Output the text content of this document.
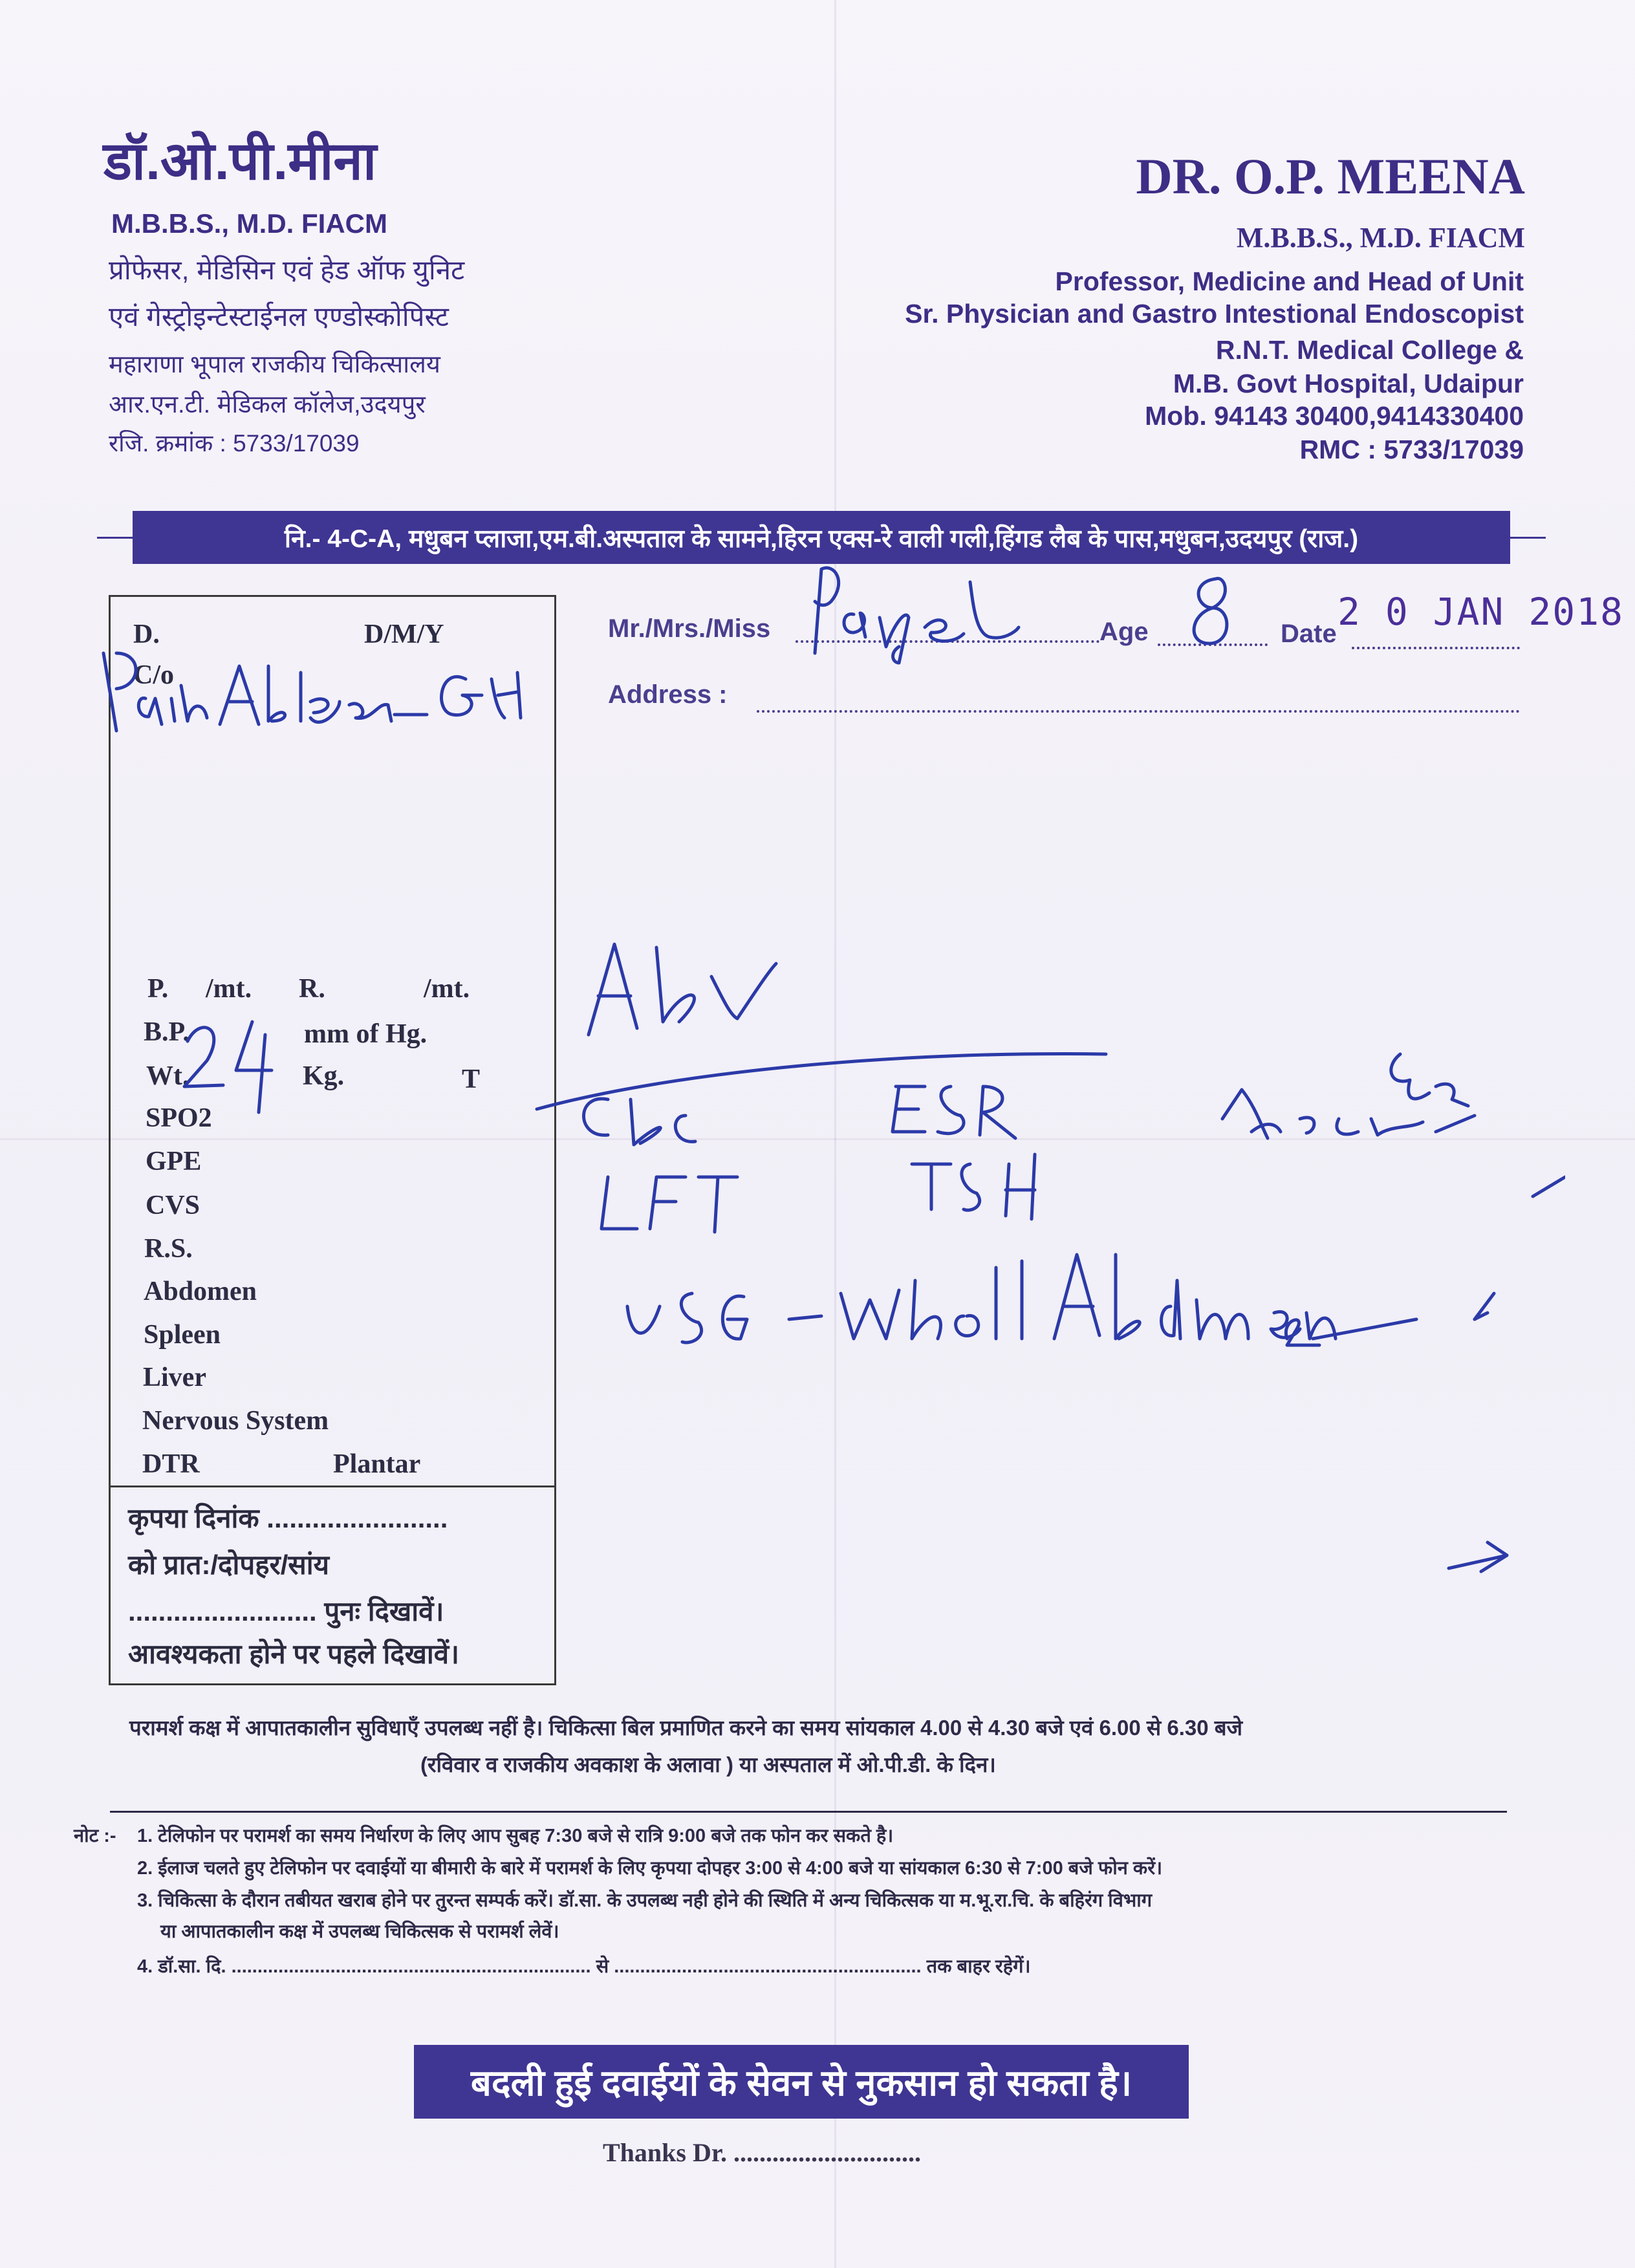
डॉ.ओ.पी.मीना
M.B.B.S., M.D. FIACM
प्रोफेसर, मेडिसिन एवं हेड ऑफ युनिट
एवं गेस्ट्रोइन्टेस्टाईनल एण्डोस्कोपिस्ट
महाराणा भूपाल राजकीय चिकित्सालय
आर.एन.टी. मेडिकल कॉलेज,उदयपुर
रजि. क्रमांक : 5733/17039
DR. O.P. MEENA
M.B.B.S., M.D. FIACM
Professor, Medicine and Head of Unit
Sr. Physician and Gastro Intestional Endoscopist
R.N.T. Medical College &
M.B. Govt Hospital, Udaipur
Mob. 94143 30400,9414330400
RMC : 5733/17039
नि.- 4-C-A, मधुबन प्लाजा,एम.बी.अस्पताल के सामने,हिरन एक्स-रे वाली गली,हिंगड लैब के पास,मधुबन,उदयपुर (राज.)
Mr./Mrs./Miss	Age	Date 2 0 JAN 2018
Address :
D.	D/M/Y
C/o
P. /mt. R.	/mt.
B.P.	mm of Hg.
Wt.	Kg.	T
SPO2
GPE
CVS
R.S.
Abdomen
Spleen
Liver
Nervous System
DTR	Plantar
कृपया दिनांक ........................
को प्रात:/दोपहर/सांय
......................... पुनः दिखावें।
आवश्यकता होने पर पहले दिखावें।
परामर्श कक्ष में आपातकालीन सुविधाएँ उपलब्ध नहीं है। चिकित्सा बिल प्रमाणित करने का समय सांयकाल 4.00 से 4.30 बजे एवं 6.00 से 6.30 बजे
(रविवार व राजकीय अवकाश के अलावा ) या अस्पताल में ओ.पी.डी. के दिन।
नोट :- 1. टेलिफोन पर परामर्श का समय निर्धारण के लिए आप सुबह 7:30 बजे से रात्रि 9:00 बजे तक फोन कर सकते है।
2. ईलाज चलते हुए टेलिफोन पर दवाईयों या बीमारी के बारे में परामर्श के लिए कृपया दोपहर 3:00 से 4:00 बजे या सांयकाल 6:30 से 7:00 बजे फोन करें।
3. चिकित्सा के दौरान तबीयत खराब होने पर तुरन्त सम्पर्क करें। डॉ.सा. के उपलब्ध नही होने की स्थिति में अन्य चिकित्सक या म.भू.रा.चि. के बहिरंग विभाग
या आपातकालीन कक्ष में उपलब्ध चिकित्सक से परामर्श लेवें।
4. डॉ.सा. दि. ..................................................................... से ........................................................... तक बाहर रहेगें।
बदली हुई दवाईयों के सेवन से नुकसान हो सकता है।
Thanks Dr. .............................
